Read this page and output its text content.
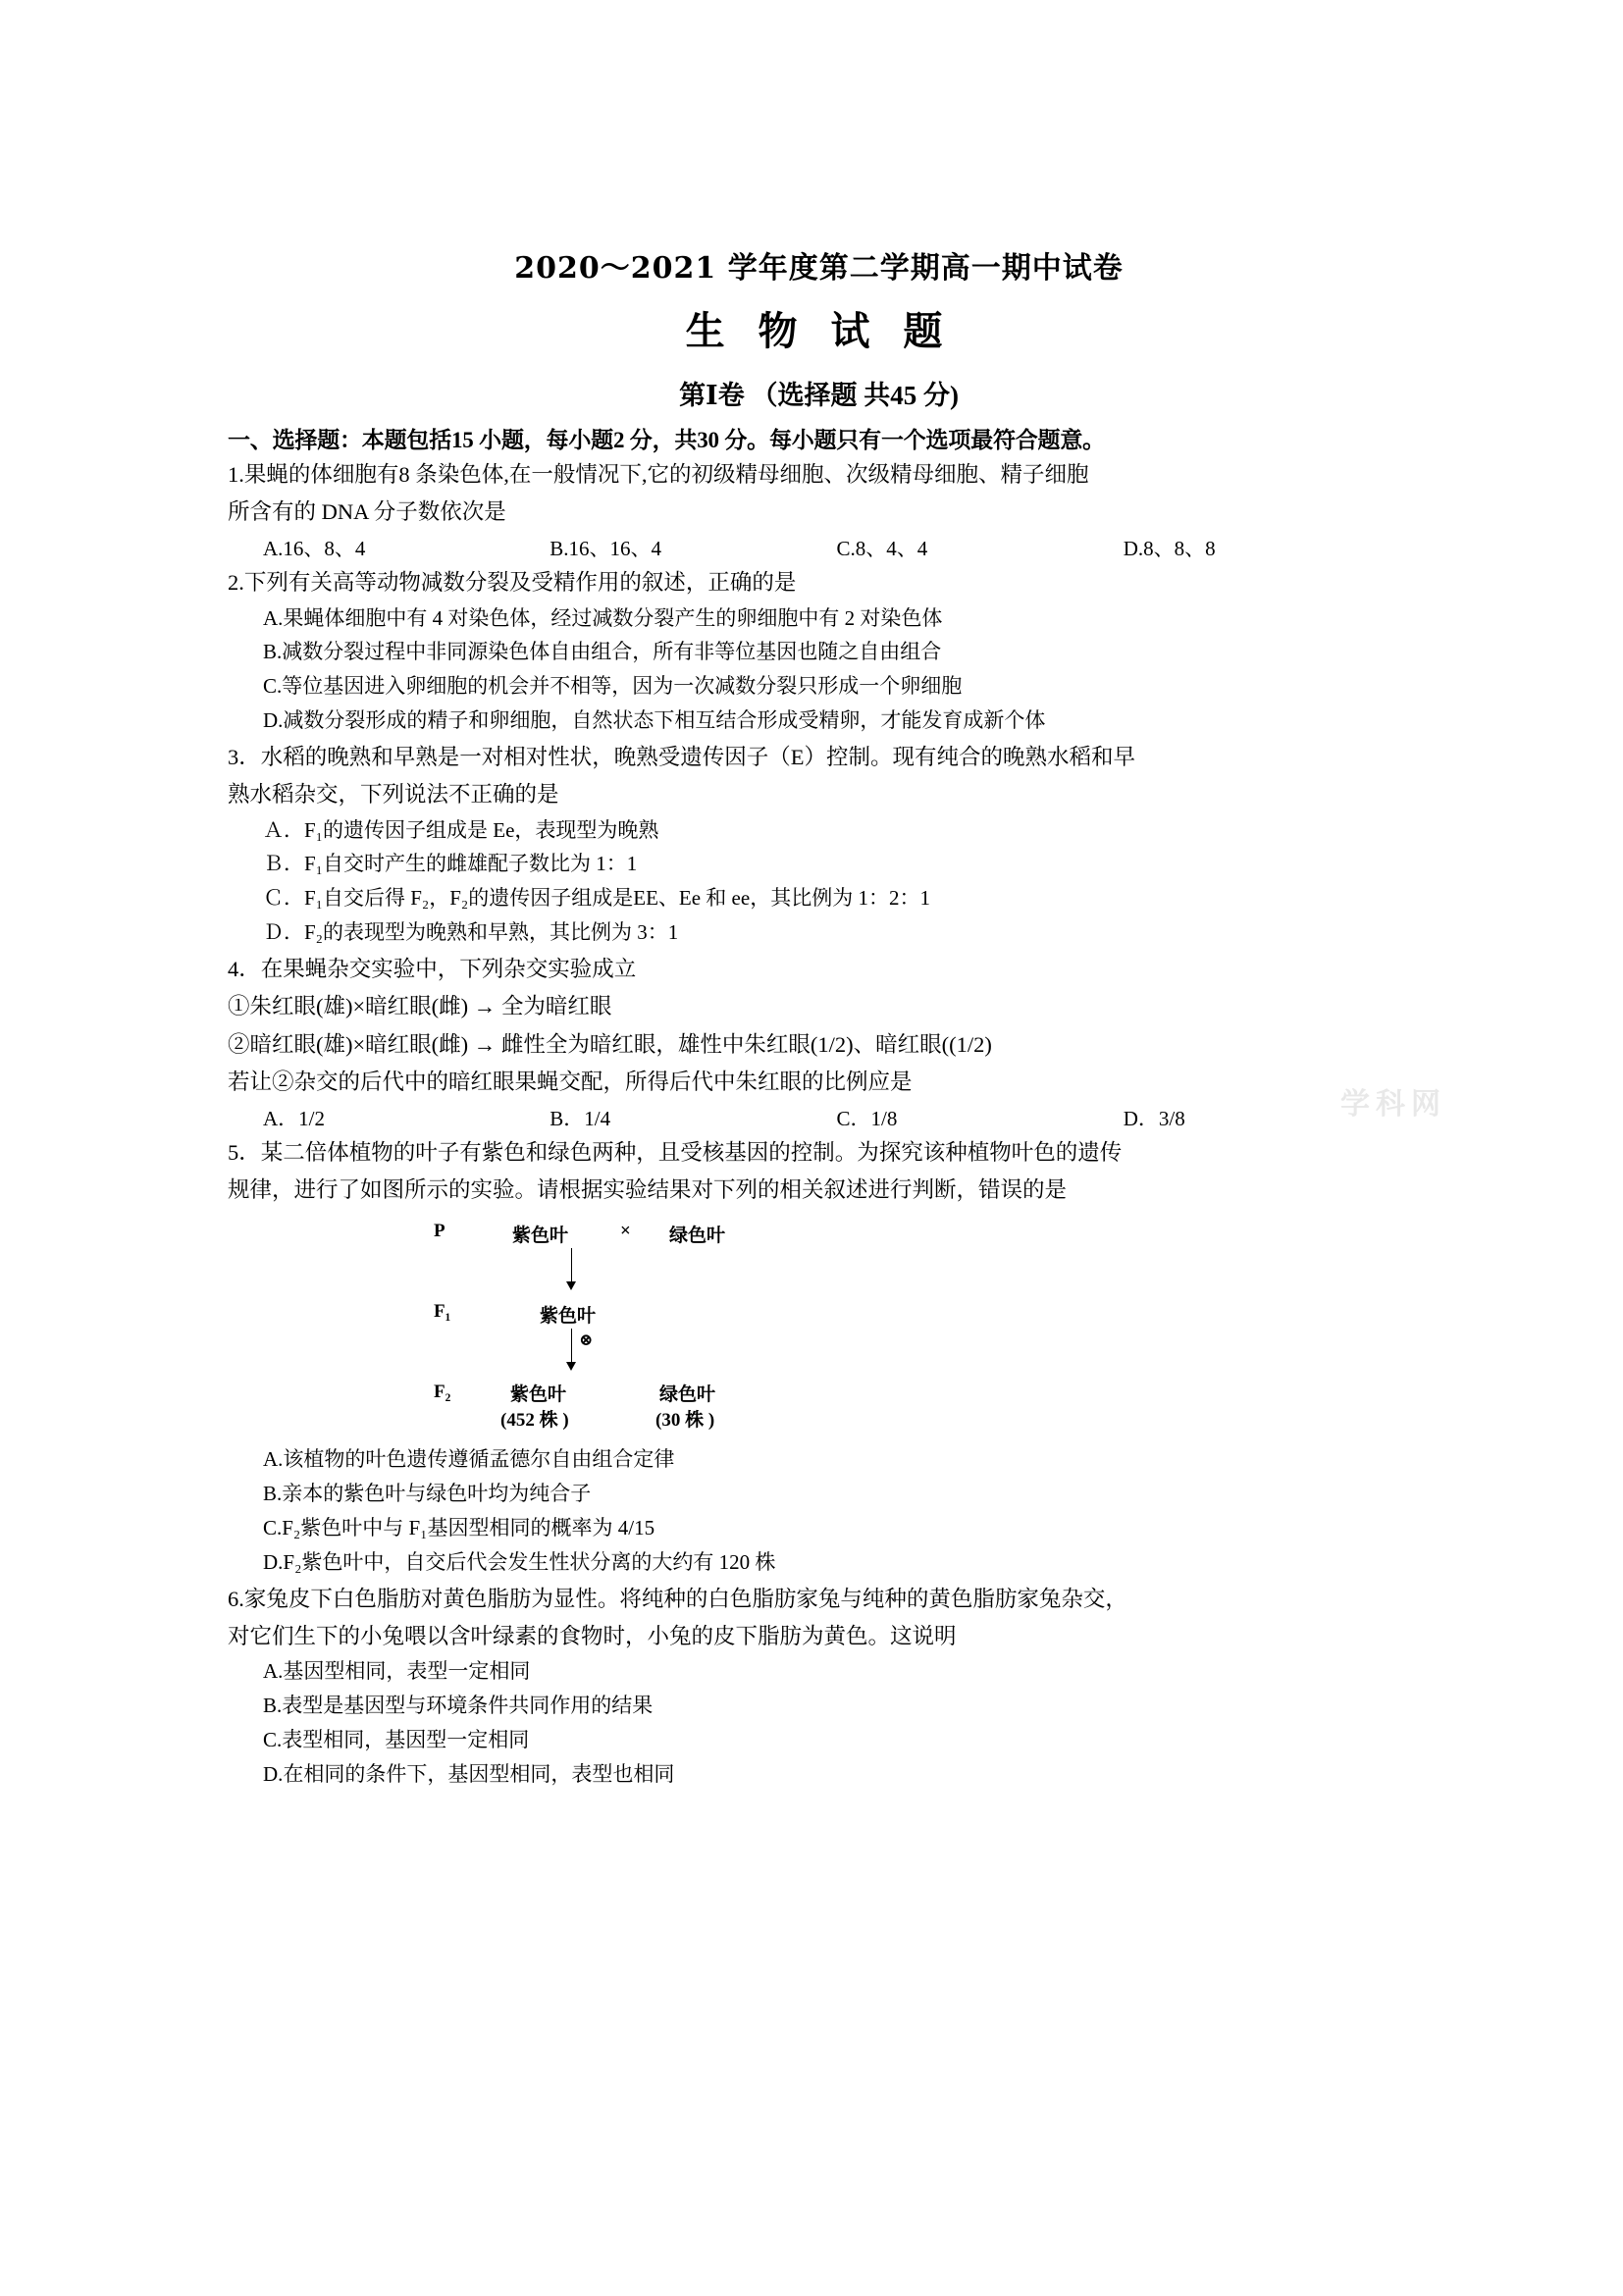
学科网
2020～2021 学年度第二学期高一期中试卷
生 物 试 题
第Ⅰ卷 （选择题 共45 分)
一、选择题：本题包括15 小题，每小题2 分，共30 分。每小题只有一个选项最符合题意。
1.果蝇的体细胞有8 条染色体,在一般情况下,它的初级精母细胞、次级精母细胞、精子细胞
所含有的 DNA 分子数依次是
A.16、8、4	B.16、16、4	C.8、4、4	D.8、8、8
2.下列有关高等动物减数分裂及受精作用的叙述，正确的是
A.果蝇体细胞中有 4 对染色体，经过减数分裂产生的卵细胞中有 2 对染色体
B.减数分裂过程中非同源染色体自由组合，所有非等位基因也随之自由组合
C.等位基因进入卵细胞的机会并不相等，因为一次减数分裂只形成一个卵细胞
D.减数分裂形成的精子和卵细胞，自然状态下相互结合形成受精卵，才能发育成新个体
3．水稻的晚熟和早熟是一对相对性状，晚熟受遗传因子（E）控制。现有纯合的晚熟水稻和早
熟水稻杂交，下列说法不正确的是
Ａ．F₁的遗传因子组成是 Ee，表现型为晚熟
Ｂ．F₁自交时产生的雌雄配子数比为 1：1
Ｃ．F₁自交后得 F₂，F₂的遗传因子组成是EE、Ee 和 ee，其比例为 1：2：1
Ｄ．F₂的表现型为晚熟和早熟，其比例为 3：1
4．在果蝇杂交实验中，下列杂交实验成立
①朱红眼(雄)×暗红眼(雌) → 全为暗红眼
②暗红眼(雄)×暗红眼(雌) → 雌性全为暗红眼，雄性中朱红眼(1/2)、暗红眼((1/2)
若让②杂交的后代中的暗红眼果蝇交配，所得后代中朱红眼的比例应是
A．1/2	B．1/4	C．1/8	D．3/8
5．某二倍体植物的叶子有紫色和绿色两种，且受核基因的控制。为探究该种植物叶色的遗传
规律，进行了如图所示的实验。请根据实验结果对下列的相关叙述进行判断，错误的是
P	紫色叶	× 绿色叶
F₁	紫色叶
⊗
F₂	紫色叶
(452 株 )
绿色叶
(30 株 )
A.该植物的叶色遗传遵循孟德尔自由组合定律
B.亲本的紫色叶与绿色叶均为纯合子
C.F₂紫色叶中与 F₁基因型相同的概率为 4/15
D.F₂紫色叶中，自交后代会发生性状分离的大约有 120 株
6.家兔皮下白色脂肪对黄色脂肪为显性。将纯种的白色脂肪家兔与纯种的黄色脂肪家兔杂交，
对它们生下的小兔喂以含叶绿素的食物时，小兔的皮下脂肪为黄色。这说明
A.基因型相同，表型一定相同
B.表型是基因型与环境条件共同作用的结果
C.表型相同，基因型一定相同
D.在相同的条件下，基因型相同，表型也相同
